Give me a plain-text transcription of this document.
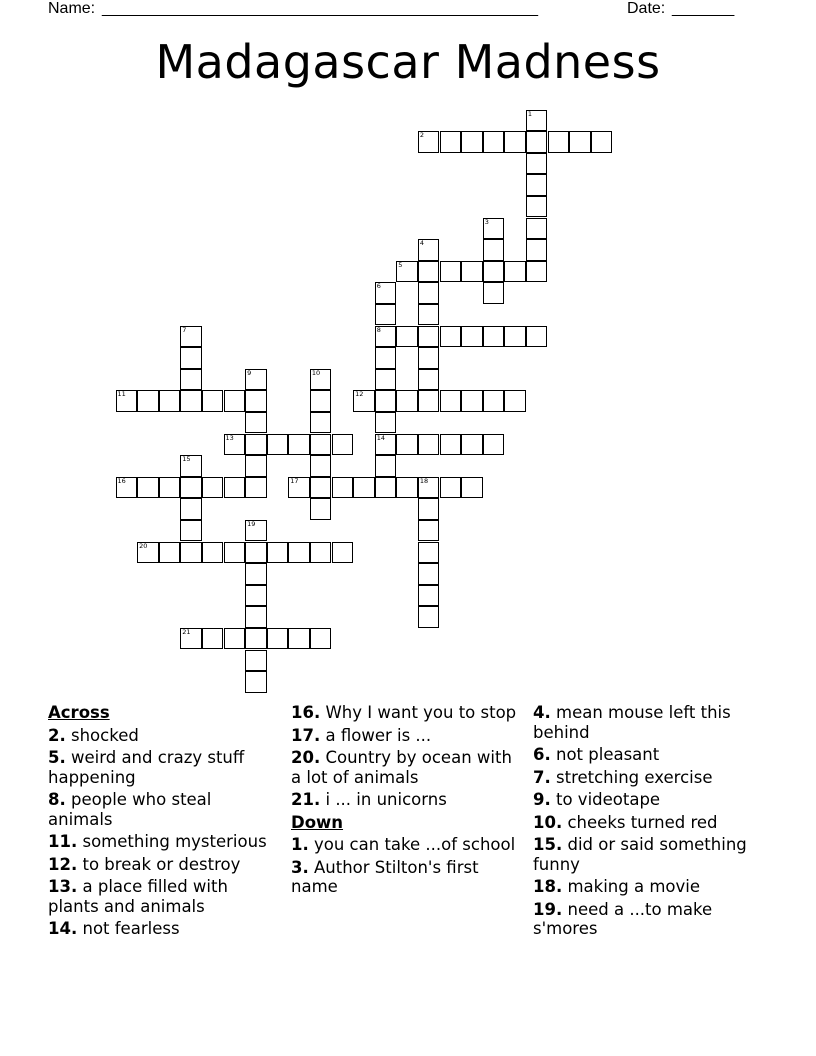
Name: _________________________________________________	Date: _______
Madagascar Madness
1
2
3
4
5
6
8
14
7
9	10
11	12
13
15
16	17	18
19
20
21
Across
2. shocked
5. weird and crazy stuff happening
8. people who steal animals
11. something mysterious
12. to break or destroy
13. a place filled with plants and animals
14. not fearless
16. Why I want you to stop
17. a flower is ...
20. Country by ocean with a lot of animals
21. i ... in unicorns
Down
1. you can take ...of school
3. Author Stilton's first name
4. mean mouse left this behind
6. not pleasant
7. stretching exercise
9. to videotape
10. cheeks turned red
15. did or said something funny
18. making a movie
19. need a ...to make s'mores
